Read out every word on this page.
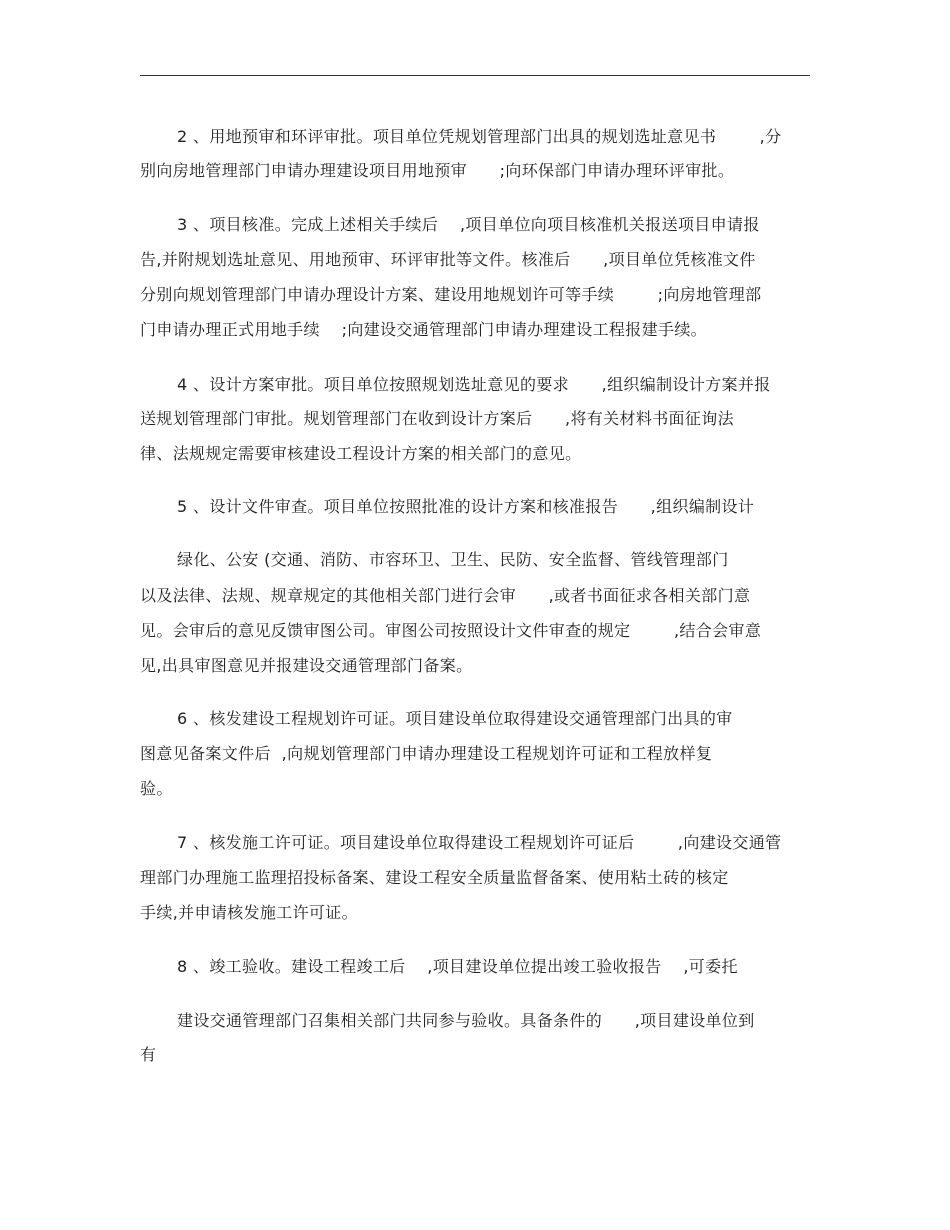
2 、用地预审和环评审批。项目单位凭规划管理部门出具的规划选址意见书        ,分
别向房地管理部门申请办理建设项目用地预审      ;向环保部门申请办理环评审批。
3 、项目核准。完成上述相关手续后    ,项目单位向项目核准机关报送项目申请报
告,并附规划选址意见、用地预审、环评审批等文件。核准后      ,项目单位凭核准文件
分别向规划管理部门申请办理设计方案、建设用地规划许可等手续        ;向房地管理部
门申请办理正式用地手续    ;向建设交通管理部门申请办理建设工程报建手续。
4 、设计方案审批。项目单位按照规划选址意见的要求      ,组织编制设计方案并报
送规划管理部门审批。规划管理部门在收到设计方案后      ,将有关材料书面征询法
律、法规规定需要审核建设工程设计方案的相关部门的意见。
5 、设计文件审查。项目单位按照批准的设计方案和核准报告      ,组织编制设计
绿化、公安 (交通、消防、市容环卫、卫生、民防、安全监督、管线管理部门
以及法律、法规、规章规定的其他相关部门进行会审      ,或者书面征求各相关部门意
见。会审后的意见反馈审图公司。审图公司按照设计文件审查的规定        ,结合会审意
见,出具审图意见并报建设交通管理部门备案。
6 、核发建设工程规划许可证。项目建设单位取得建设交通管理部门出具的审
图意见备案文件后  ,向规划管理部门申请办理建设工程规划许可证和工程放样复
验。
7 、核发施工许可证。项目建设单位取得建设工程规划许可证后        ,向建设交通管
理部门办理施工监理招投标备案、建设工程安全质量监督备案、使用粘土砖的核定
手续,并申请核发施工许可证。
8 、竣工验收。建设工程竣工后    ,项目建设单位提出竣工验收报告    ,可委托
建设交通管理部门召集相关部门共同参与验收。具备条件的      ,项目建设单位到
有
